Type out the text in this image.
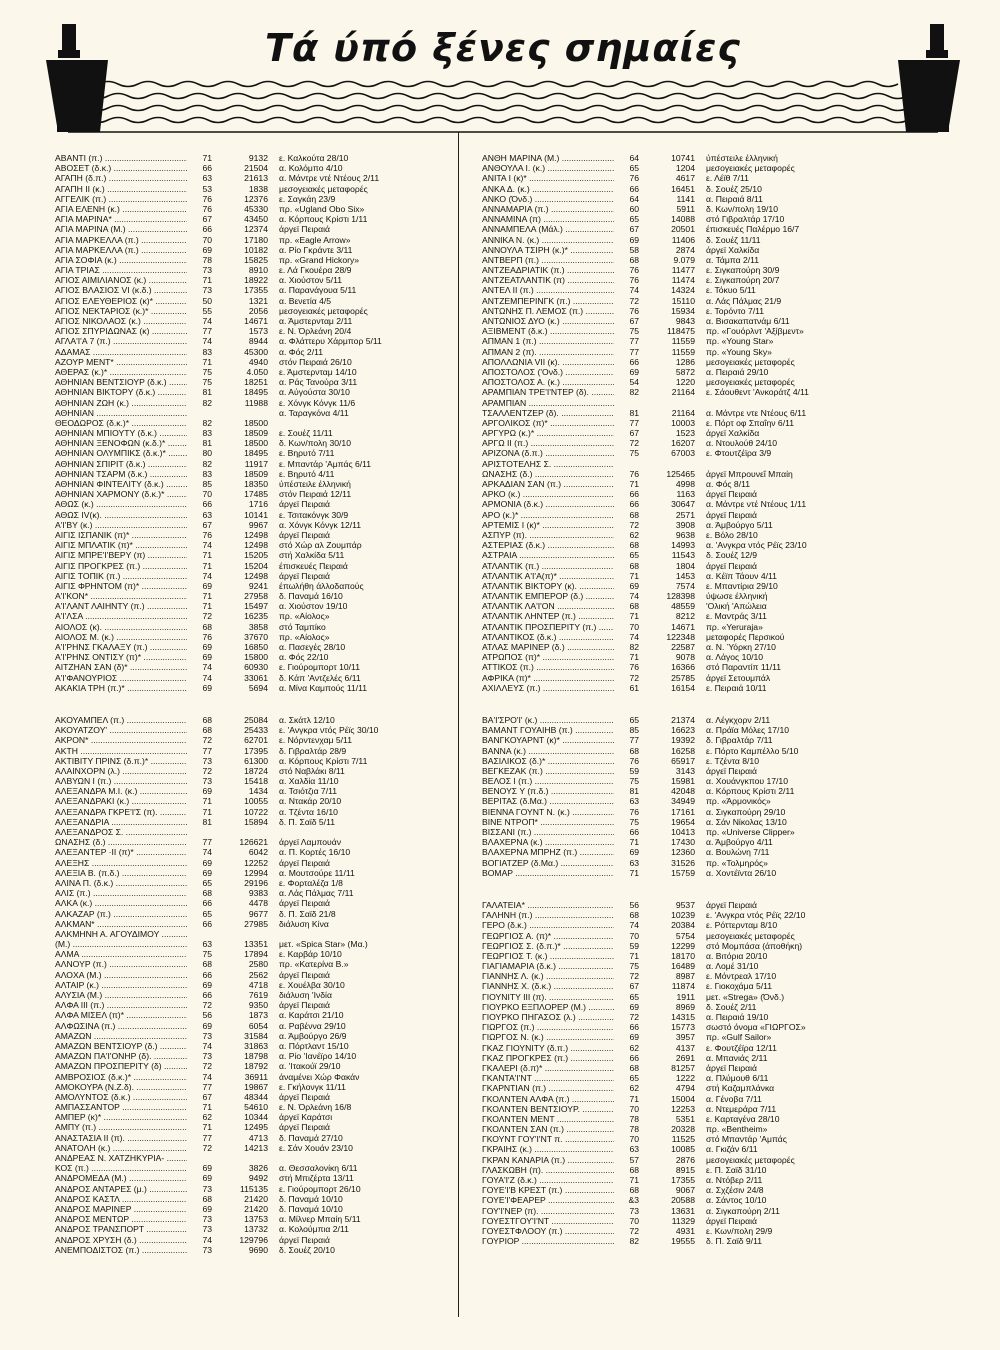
Τά ύπό ξένες σημαίες
ΑΒΑΝΤΙ (π.) .....	71	9132 ε. Καλκούτα 28/10
ΑΒΟΣΕΤ (δ.κ.) .....	66	21504 α. Κολόμπο 4/10
ΑΓΑΠΗ (δ.π.) .....	63	21613 α. Μάντρε ντέ Ντέους 2/11
ΑΓΑΠΗ ΙΙ (κ.) .....	53	1838 μεσογειακές μεταφορές
ΑΓΓΕΛΙΚ (π.) .....	76	12376 ε. Σαγκάη 23/9
ΑΓΙΑ ΕΛΕΝΗ (κ.) .....	76	45330 πρ. «Ugland Obo Six»
ΑΓΙΑ ΜΑΡΙΝΑ* .....	67	43450 α. Κόρπους Κρίστι 1/11
ΑΓΙΑ ΜΑΡΙΝΑ (Μ.) .....	66	12374 άργεϊ Πειραιά
ΑΓΙΑ ΜΑΡΚΕΛΛΑ (π.) .....	70	17180 πρ. «Eagle Arrow»
ΑΓΙΑ ΜΑΡΚΕΛΛΑ (π.) .....	69	10182 α. Ρίο Γκράντε 3/11
ΑΓΙΑ ΣΟΦΙΑ (κ.) .....	78	15825 πρ. «Grand Hickory»
ΑΓΙΑ ΤΡΙΑΣ .....	73	8910 ε. Λά Γκουέρα 28/9
ΑΓΙΟΣ ΑΙΜΙΛΙΑΝΟΣ (κ.) .....	71	18922 α. Χιούστον 5/11
ΑΓΙΟΣ ΒΛΑΣΙΟΣ VI (κ.δ.) .....	73	17355 α. Παρανάγουα 5/11
ΑΓΙΟΣ ΕΛΕΥΘΕΡΙΟΣ (κ)* .....	50	1321 α. Βενετία 4/5
ΑΓΙΟΣ ΝΕΚΤΑΡΙΟΣ (κ.)* .....	55	2056 μεσογειακές μεταφορές
ΑΓΙΟΣ ΝΙΚΟΛΑΟΣ (κ.) .....	74	14671 α. Άμστερνταμ 2/11
ΑΓΙΟΣ ΣΠΥΡΙΔΩΝΑΣ (κ) .....	77	1573 ε. Ν. Όρλεάνη 20/4
ΑΓΛΑ'Ι'Α 7 (π.) .....	74	8944 α. Φλάττερυ Χάρμπορ 5/11
ΑΔΑΜΑΣ .....	83	45300 α. Φός 2/11
ΑΖΟΥΡ ΜΕΝΤ* .....	71	4940 στόν Πειραιά 26/10
ΑΘΕΡΑΣ (κ.)* .....	75	4.050 ε. Άμστερνταμ 14/10
ΑΘΗΝΙΑΝ ΒΕΝΤΣΙΟΥΡ (δ.κ.) .....	75	18251 α. Ράς Τανούρα 3/11
ΑΘΗΝΙΑΝ ΒΙΚΤΟΡΥ (δ.κ.) .....	81	18495 α. Αύγούστα 30/10
ΑΘΗΝΙΑΝ ΖΩΗ (κ.) .....	82	11988 ε. Χόνγκ Κόνγκ 11/6
ΑΘΗΝΙΑΝ .....	α. Ταραγκόνα 4/11
ΘΕΟΔΩΡΟΣ (δ.κ.)* .....	82	18500
ΑΘΗΝΙΑΝ ΜΠΙΟΥΤΥ (δ.κ.) .....	83	18509 ε. Σουέζ 11/11
ΑΘΗΝΙΑΝ ΞΕΝΟΦΩΝ (κ.δ.)* .....	81	18500 δ. Κων/πολη 30/10
ΑΘΗΝΙΑΝ ΟΛΥΜΠΙΚΣ (δ.κ.)* .....	80	18495 ε. Βηρυτό 7/11
ΑΘΗΝΙΑΝ ΣΠΙΡΙΤ (δ.κ.) .....	82	11917 ε. Μπαντάρ 'Αμπάς 6/11
ΑΘΗΝΙΑΝ ΤΣΑΡΜ (δ.κ.) .....	83	18509 ε. Βηρυτό 4/11
ΑΘΗΝΙΑΝ ΦΙΝΤΕΛΙΤΥ (δ.κ.) .....	85	18350 ύπέστειλε έλληνική
ΑΘΗΝΙΑΝ ΧΑΡΜΟΝΥ (δ.κ.)* .....	70	17485 στόν Πειραιά 12/11
ΑΘΩΣ (κ.) .....	66	1716 άργεϊ Πειραιά
ΑΘΩΣ IV(κ). .....	63	10141 ε. Τσιτακόνγκ 30/9
Α'Ι'ΒΥ (κ.) .....	67	9967 α. Χόνγκ Κόνγκ 12/11
ΑΙΓΙΣ ΙΣΠΑΝΙΚ (π)* .....	76	12498 άργεϊ Πειραιά
ΑΙΓΙΣ ΜΠΛΑΤΙΚ (π)* .....	74	12498 στό Χώρ αλ Ζουμπάρ
ΑΙΓΙΣ ΜΠΡΕ'Ι'ΒΕΡΥ (π) .....	71	15205 στή Χαλκίδα 5/11
ΑΙΓΙΣ ΠΡΟΓΚΡΕΣ (π.) .....	71	15204 έπισκευές Πειραιά
ΑΙΓΙΣ ΤΟΠΙΚ (π.) .....	74	12498 άργεϊ Πειραιά
ΑΙΓΙΣ ΦΡΗΝΤΟΜ (π)* .....	69	9241 έπωλήθη άλλοδαπούς
Α'Ι'ΚΟΝ* .....	71	27958 δ. Παναμά 16/10
Α'Ι'ΛΑΝΤ ΛΑΙΗΝΤΥ (π.) .....	71	15497 α. Χιούστον 19/10
Α'Ι'ΛΣΑ .....	72	16235 πρ. «Αίολος»
ΑΙΟΛΟΣ (κ). .....	68	3858 στό Ταμπίκο
ΑΙΟΛΟΣ Μ. (κ.) .....	76	37670 πρ. «Αίολος»
Α'Ι'ΡΗΝΣ ΓΚΑΛΑΞΥ (π.) .....	69	16850 α. Πασεγές 28/10
Α'Ι'ΡΗΝΣ ΟΝΤΙΣΥ (π)* .....	69	15800 α. Φός 22/10
ΑΙΤΖΗΑΝ ΣΑΝ (δ)* .....	74	60930 ε. Γιούρομπορτ 10/11
Α'Ι'ΦΑΝΟΥΡΙΟΣ .....	74	33061 δ. Κάπ 'Αντζελές 6/11
ΑΚΑΚΙΑ ΤΡΗ (π.)* .....	69	5694 α. Μίνα Καμπούς 11/11
ΑΚΟΥΑΜΠΕΛ (π.) .....	68	25084 α. Σκάτλ 12/10
ΑΚΟΥΑΤΖΟΥ' .....	68	25433 ε. 'Ανγκρα ντός Ρέϊς 30/10
ΑΚΡΟΝ* .....	72	62701 ε. Νόρντενχαμ 5/11
ΑΚΤΗ .....	77	17395 δ. Γιβραλτάρ 28/9
ΑΚΤΙΒΙΤΥ ΠΡΙΝΣ (δ.π.)* .....	73	61300 α. Κόρπους Κρίστι 7/11
ΑΛΑΙΝΧΟΡΝ (λ.) .....	72	18724 στό Ναβλάκι 8/11
ΑΛΒΥΩΝ Ι (π.) .....	73	15418 α. Χαλδία 11/10
ΑΛΕΞΑΝΔΡΑ Μ.Ι. (κ.) .....	69	1434 α. Τσιότζια 7/11
ΑΛΕΞΑΝΔΡΑΚΙ (κ.) .....	71	10055 α. Ντακάρ 20/10
ΑΛΕΞΑΝΔΡΑ ΓΚΡΕ'Ι'Σ (π). .....	71	10722 α. Τζέντα 16/10
ΑΛΕΞΑΝΔΡΙΑ .....	81	15894 δ. Π. Σαϊδ 5/11
ΑΛΕΞΑΝΔΡΟΣ Σ. .....
ΩΝΑΣΗΣ (δ.) .....	77	126621 άργεϊ Λαμπουάν
ΑΛΕΞΑΝΤΕΡ ·II (π)* .....	74	6042 α. Π. Κορτές 16/10
ΑΛΕΞΗΣ .....	69	12252 άργεϊ Πειραιά
ΑΛΕΞΙΑ Β. (π.δ.) .....	69	12994 α. Μουτσούρε 11/11
ΑΛΙΝΑ Π. (δ.κ.) .....	65	29196 ε. Φορταλέζα 1/8
ΑΛΙΣ (π.) .....	68	9383 α. Λάς Πάλμας 7/11
ΑΛΚΑ (κ.) .....	66	4478 άργεϊ Πειραιά
ΑΛΚΑΖΑΡ (π.) .....	65	9677 δ. Π. Σαϊδ 21/8
ΑΛΚΜΑΝ* .....	66	27985 διάλυση Κίνα
ΑΛΚΜΗΝΗ Α. ΑΓΟΥΔΙΜΟΥ .....
(Μ.) .....	63	13351 μετ. «Spica Star» (Μα.)
ΑΛΜΑ .....	75	17894 ε. Καρβάρ 10/10
ΑΛΝΟΥΡ (π.) .....	68	2580 πρ. «Κατερίνα Β.»
ΑΛΟΧΑ (Μ.) .....	66	2562 άργεϊ Πειραιά
ΑΛΤΑΙΡ (κ.) .....	69	4718 ε. Χουέλβα 30/10
ΑΛΥΣΙΑ (Μ.) .....	66	7619 διάλυση 'Ινδία
ΑΛΦΑ ΙΙΙ (π.) .....	72	9350 άργεϊ Πειραιά
ΑΛΦΑ ΜΙΣΕΛ (π)* .....	56	1873 α. Καράτσι 21/10
ΑΛΦΩΣΙΝΑ (π.) .....	69	6054 α. Ραβέννα 29/10
ΑΜΑΖΩΝ .....	73	31584 α. Άμβούργο 26/9
ΑΜΑΖΩΝ ΒΕΝΤΣΙΟΥΡ (δ.) .....	74	31863 α. Πόρτλαντ 15/10
ΑΜΑΖΩΝ ΠΑ'Ι'ΟΝΗΡ (δ). .....	73	18798 α. Ρίο 'Ιανέϊρο 14/10
ΑΜΑΖΩΝ ΠΡΟΣΠΕΡΙΤΥ (δ) .....	72	18792 α. 'Ιτακούϊ 29/10
ΑΜΒΡΟΣΙΟΣ (δ.κ.)* .....	74	36911 άναμένει Χώρ Φακάν
ΑΜΟΚΟΥΡΑ (Ν.Ζ.δ). .....	77	19867 ε. Γκήλονγκ 11/11
ΑΜΟΛΥΝΤΟΣ (δ.κ.) .....	67	48344 άργεϊ Πειραιά
ΑΜΠΑΣΣΑΝΤΟΡ .....	71	54610 ε. Ν. Όρλεάνη 16/8
ΑΜΠΕΡ (κ)* .....	62	10344 άργεϊ Καράτσι
ΑΜΠΥ (π.) .....	71	12495 άργεϊ Πειραιά
ΑΝΑΣΤΑΣΙΑ ΙΙ (π). .....	77	4713 δ. Παναμά 27/10
ΑΝΑΤΟΛΗ (κ.) .....	72	14213 ε. Σάν Χουάν 23/10
ΑΝΔΡΕΑΣ Ν. ΧΑΤΖΗΚΥΡΙΑ- .....
ΚΟΣ (π.) .....	69	3826 α. Θεσσαλονίκη 6/11
ΑΝΔΡΟΜΕΔΑ (Μ.) .....	69	9492 στή Μπιζέρτα 13/11
ΑΝΔΡΟΣ ΑΝΤΑΡΕΣ (μ.) .....	73	115135 ε. Γιούρομπορτ 26/10
ΑΝΔΡΟΣ ΚΑΣΤΛ .....	68	21420 δ. Παναμά 10/10
ΑΝΔΡΟΣ ΜΑΡΙΝΕΡ .....	69	21420 δ. Παναμά 10/10
ΑΝΔΡΟΣ ΜΕΝΤΩΡ .....	73	13753 α. Μίλνερ Μπαίη 5/11
ΑΝΔΡΟΣ ΤΡΑΝΣΠΟΡΤ .....	73	13732 α. Κολούμπια 2/11
ΑΝΔΡΟΣ ΧΡΥΣΗ (δ.) .....	74	129796 άργεϊ Πειραιά
ΑΝΕΜΠΟΔΙΣΤΟΣ (π.) .....	73	9690 δ. Σουέζ 20/10
ΑΝΘΗ ΜΑΡΙΝΑ (Μ.) .....	64	10741 ύπέστειλε έλληνική
ΑΝΘΟΥΛΑ Ι. (κ.) .....	65	1204 μεσογειακές μεταφορές
ΑΝΙΤΑ Ι (κ)* .....	76	4617 ε. Λέϊθ 7/11
ΑΝΚΑ Δ. (κ.) .....	66	16451 δ. Σουέζ 25/10
ΑΝΚΟ (Όνδ.) .....	64	1141 α. Πειραιά 8/11
ΑΝΝΑΜΑΡΙΑ (π.) .....	60	5911 δ. Κων/πολη 19/10
ΑΝΝΑΜΙΝΑ (π) .....	65	14088 στό Γιβραλτάρ 17/10
ΑΝΝΑΜΠΕΛΑ (Μάλ.) .....	67	20501 έπισκευές Παλέρμο 16/7
ΑΝΝΙΚΑ Ν. (κ.) .....	69	11406 δ. Σουέζ 11/11
ΑΝΝΟΥΛΑ ΤΣΙΡΗ (κ.)* .....	58	2874 άργεϊ Χαλκίδα
ΑΝΤΒΕΡΠ (π.) .....	68	9.079 α. Τάμπα 2/11
ΑΝΤΖΕΑΔΡΙΑΤΙΚ (π.) .....	76	11477 ε. Σιγκαπούρη 30/9
ΑΝΤΖΕΑΤΛΑΝΤΙΚ (π) .....	76	11474 ε. Σιγκαπούρη 20/7
ΑΝΤΕΛ ΙΙ (π.) .....	74	14324 ε. Τόκυο 5/11
ΑΝΤΖΕΜΠΕΡΙΝΓΚ (π.) .....	72	15110 α. Λάς Πάλμας 21/9
ΑΝΤΩΝΗΣ Π. ΛΕΜΟΣ (π.) .....	76	15934 ε. Τορόντο 7/11
ΑΝΤΩΝΙΟΣ ΔΥΟ (κ.) .....	67	9843 α. Βισακαπατνάμ 6/11
ΑΞΙΒΜΕΝΤ (δ.κ.) .....	75	118475 πρ. «Γουόρλντ 'Αξίβμεντ»
ΑΠΜΑΝ 1 (π.) .....	77	11559 πρ. «Young Star»
ΑΠΜΑΝ 2 (π). .....	77	11559 πρ. «Young Sky»
ΑΠΟΛΛΩΝΙΑ VII (κ). .....	66	1286 μεσογειακές μεταφορές
ΑΠΟΣΤΟΛΟΣ ('Ονδ.) .....	69	5872 α. Πειραιά 29/10
ΑΠΟΣΤΟΛΟΣ Α. (κ.) .....	54	1220 μεσογειακές μεταφορές
ΑΡΑΜΠΙΑΝ ΤΡΕ'Ι'ΝΤΕΡ (δ). .....	82	21164 ε. Σάουθεντ 'Ανκοράτζ 4/11
ΑΡΑΜΠΙΑΝ .....
ΤΣΑΛΛΕΝΤΖΕΡ (δ). .....	81	21164 α. Μάντρε ντε Ντέους 6/11
ΑΡΓΟΛΙΚΟΣ (π)* .....	77	10003 ε. Πόρτ οφ Σπαΐην 6/11
ΑΡΓΥΡΩ (κ.)* .....	67	1523 άργεϊ Χαλκίδα
ΑΡΓΩ ΙΙ (π.) .....	72	16207 α. Ντουλούθ 24/10
ΑΡΙΖΟΝΑ (δ.π.) .....	75	67003 ε. Φτουτζέϊρα 3/9
ΑΡΙΣΤΟΤΕΛΗΣ Σ. .....
ΩΝΑΣΗΣ (δ.) .....	76	125465 άργεϊ Μπρουνεΐ Μπαίη
ΑΡΚΑΔΙΑΝ ΣΑΝ (π.) .....	71	4998 α. Φός 8/11
ΑΡΚΟ (κ.) .....	66	1163 άργεϊ Πειραιά
ΑΡΜΟΝΙΑ (δ.κ.) .....	66	30647 α. Μάντρε ντέ Ντέους 1/11
ΑΡΟ (κ.)* .....	68	2571 άργεϊ Πειραιά
ΑΡΤΕΜΙΣ Ι (κ)* .....	72	3908 α. Άμβούργο 5/11
ΑΣΠΥΡ (π). .....	62	9638 ε. Βόλο 28/10
ΑΣΤΕΡΙΑΣ (δ.κ.) .....	68	14993 α. 'Ανγκρα ντός Ρέϊς 23/10
ΑΣΤΡΑΙΑ .....	65	11543 δ. Σουέζ 12/9
ΑΤΛΑΝΤΙΚ (π.) .....	68	1804 άργεϊ Πειραιά
ΑΤΛΑΝΤΙΚ Α'Ι'Α(π)* .....	71	1453 α. Κέϊπ Τάουν 4/11
ΑΤΛΑΝΤΙΚ ΒΙΚΤΟΡΥ (κ). .....	69	7574 ε. Μπαντίρια 29/10
ΑΤΛΑΝΤΙΚ ΕΜΠΕΡΟΡ (δ.) .....	74	128398 ύψωσε έλληνική
ΑΤΛΑΝΤΙΚ ΛΑ'Ι'ΟΝ .....	68	48559 'Ολική 'Απώλεια
ΑΤΛΑΝΤΙΚ ΛΗΝΤΕΡ (π.) .....	71	8212 ε. Μαντράς 3/11
ΑΤΛΑΝΤΙΚ ΠΡΟΣΠΕΡΙΤΥ (π.) .....	70	14671 πρ. «Yeruraja»
ΑΤΛΑΝΤΙΚΟΣ (δ.κ.) .....	74	122348 μεταφορές Περσικού
ΑΤΛΑΣ ΜΑΡΙΝΕΡ (δ.) .....	82	22587 α. Ν. Ύόρκη 27/10
ΑΤΡΩΠΟΣ (π)* .....	71	9078 α. Λάγος 10/10
ΑΤΤΙΚΟΣ (π.) .....	76	16366 στό Παραντίπ 11/11
ΑΦΡΙΚΑ (π)* .....	72	25785 άργεϊ Σετουμπάλ
ΑΧΙΛΛΕΥΣ (π.) .....	61	16154 ε. Πειραιά 10/11
ΒΑ'Ι'ΣΡΟ'Ι' (κ.) .....	65	21374 α. Λέγκχορν 2/11
ΒΑΜΑΝΤ ΓΟΥΑΙΗΒ (π.) .....	85	16623 α. Πράϊα Μόλες 17/10
ΒΑΝΓΚΟΥΑΡΝΤ (κ)* .....	77	19392 δ. Γιβραλτάρ 7/11
ΒΑΝΝΑ (κ.) .....	68	16258 ε. Πόρτο Καμπέλλο 5/10
ΒΑΣΙΛΙΚΟΣ (δ.)* .....	76	65917 ε. Τζέντα 8/10
ΒΕΓΚΕΖΑΚ (π.) .....	59	3143 άργεϊ Πειραιά
ΒΕΛΟΣ Ι (π.) .....	75	15981 α. Χουάνγκπου 17/10
ΒΕΝΟΥΣ Υ (π.δ.) .....	81	42048 α. Κόρπους Κρίστι 2/11
ΒΕΡΙΤΑΣ (δ.Μα.) .....	63	34949 πρ. «Άρμονικός»
ΒΙΕΝΝΑ ΓΟΥΝΤ Ν. (κ.) .....	76	17161 α. Σιγκαπούρη 29/10
ΒΙΝΕ ΝΤΡΟΠ* .....	75	19654 α. Σάν Νίκολας 13/10
ΒΙΣΣΑΝΙ (π.) .....	66	10413 πρ. «Universe Clipper»
ΒΛΑΧΕΡΝΑ (κ.) .....	71	17430 α. Άμβούργο 4/11
ΒΛΑΧΕΡΝΑ ΜΠΡΗΖ (π.) .....	69	12360 α. Βουλώνη 7/11
ΒΟΓΙΑΤΖΕΡ (δ.Μα.) .....	63	31526 πρ. «Τολμηρός»
ΒΟΜΑΡ .....	71	15759 α. Χοντέϊντα 26/10
ΓΑΛΑΤΕΙΑ* .....	56	9537 άργεϊ Πειραιά
ΓΑΛΗΝΗ (π.) .....	68	10239 ε. 'Ανγκρα ντός Ρέϊς 22/10
ΓΕΡΟ (δ.κ.) .....	74	20384 ε. Ρόττερνταμ 8/10
ΓΕΩΡΓΙΟΣ Α. (π)* .....	70	5754 μεσογειακές μεταφορές
ΓΕΩΡΓΙΟΣ Σ. (δ.π.)* .....	59	12299 στό Μομπάσα (άποθήκη)
ΓΕΩΡΓΙΟΣ Τ. (κ.) .....	71	18170 α. Βιτόρια 20/10
ΓΙΑΓΙΑΜΑΡΙΑ (δ.κ.) .....	75	16489 α. Λομέ 31/10
ΓΙΑΝΝΗΣ Λ. (κ.) .....	72	8987 ε. Μόντρεαλ 17/10
ΓΙΑΝΝΗΣ Χ. (δ.κ.) .....	67	11874 ε. Γιοκοχάμα 5/11
ΓΙΟΥΝΙΤΥ ΙΙΙ (π). .....	65	1911 μετ. «Strega» (Όνδ.)
ΓΙΟΥΡΚΟ ΕΞΠΛΟΡΕΡ (Μ.) .....	69	8969 δ. Σουέζ 2/11
ΓΙΟΥΡΚΟ ΠΗΓΑΣΟΣ (λ.) .....	72	14315 α. Πειραιά 19/10
ΓΙΩΡΓΟΣ (π.) .....	66	15773 σωστό όνομα «ΓΙΩΡΓΟΣ»
ΓΙΩΡΓΟΣ Ν. (κ.) .....	69	3957 πρ. «Gulf Sailor»
ΓΚΑΖ ΓΙΟΥΝΙΤΥ (δ.π.) .....	62	4137 ε. Φουτζέϊρα 12/11
ΓΚΑΖ ΠΡΟΓΚΡΕΣ (π.) .....	66	2691 α. Μπανιάς 2/11
ΓΚΑΛΕΡΙ (δ.π)* .....	68	81257 άργεϊ Πειραιά
ΓΚΑΝΤΑ'Ι'ΝΤ .....	65	1222 α. Πλύμουθ 6/11
ΓΚΑΡΝΤΙΑΝ (π.) .....	62	4794 στή Καζαμπλάνκα
ΓΚΟΛΝΤΕΝ ΑΛΦΑ (π.) .....	71	15004 α. Γένοβα 7/11
ΓΚΟΛΝΤΕΝ ΒΕΝΤΣΙΟΥΡ. .....	70	12253 α. Ντεμεράρα 7/11
ΓΚΟΛΝΤΕΝ ΜΕΝΤ .....	78	5351 ε. Καρταγένα 28/10
ΓΚΟΛΝΤΕΝ ΣΑΝ (π.) .....	78	20328 πρ. «Bentheim»
ΓΚΟΥΝΤ ΓΟΥ'Ι'ΝΤ π. .....	70	11525 στό Μπαντάρ 'Αμπάς
ΓΚΡΑΙΗΣ (κ.) .....	63	10085 α. Γκιζάν 6/11
ΓΚΡΑΝ ΚΑΝΑΡΙΑ (π.) .....	57	2876 μεσογειακές μεταφορές
ΓΛΑΣΚΩΒΗ (π). .....	68	8915 ε. Π. Σαϊδ 31/10
ΓΟΥΑ'Ι'Ζ (δ.κ.) .....	71	17355 α. Ντόβερ 2/11
ΓΟΥΕ'Ι'Β ΚΡΕΣΤ (π.) .....	68	9067 α. Σχζέσιν 24/8
ΓΟΥΕ'Ι'ΦΕΑΡΕΡ .....	&3	20588 α. Σάντος 10/10
ΓΟΥ'Ι'ΝΕΡ (π). .....	73	13631 α. Σιγκαπούρη 2/11
ΓΟΥΕΣΤΓΟΥ'Ι'ΝΤ .....	70	11329 άργεϊ Πειραιά
ΓΟΥΕΣΤΦΛΟΟΥ (π.) .....	72	4931 ε. Κων/πολη 29/9
ΓΟΥΡΙΟΡ .....	82	19555 δ. Π. Σαϊδ 9/11
